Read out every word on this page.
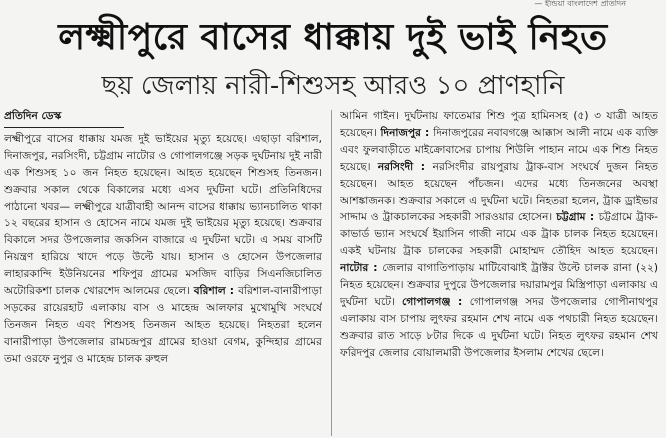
— ইন্ডিয়া বাংলাদেশ প্রতিদিন
লক্ষ্মীপুরে বাসের ধাক্কায় দুই ভাই নিহত
ছয় জেলায় নারী-শিশুসহ আরও ১০ প্রাণহানি
প্রতিদিন ডেস্ক

লক্ষ্মীপুরে বাসের ধাক্কায় যমজ দুই ভাইয়ের মৃত্যু হয়েছে। এছাড়া বরিশাল, দিনাজপুর, নরসিংদী, চট্টগ্রাম নাটোর ও গোপালগঞ্জে সড়ক দুর্ঘটনায় দুই নারী এক শিশুসহ ১০ জন নিহত হয়েছেন। আহত হয়েছেন শিশুসহ তিনজন। শুক্রবার সকাল থেকে বিকালের মধ্যে এসব দুর্ঘটনা ঘটে। প্রতিনিধিদের পাঠানো খবর— লক্ষ্মীপুরে যাত্রীবাহী আনন্দ বাসের ধাক্কায় ভ্যানচালিত থাকা ১২ বছরের হাসান ও হোসেন নামে যমজ দুই ভাইয়ের মৃত্যু হয়েছে। শুক্রবার বিকালে সদর উপজেলার জকসিন বাজারে এ দুর্ঘটনা ঘটে। এ সময় বাসটি নিয়ন্ত্রণ হারিয়ে খাদে পড়ে উল্টে যায়। হাসান ও হোসেন উপজেলার লাহারকান্দি ইউনিয়নের শফিপুর গ্রামের মসজিদ বাড়ির সিএনজিচালিত অটোরিকশা চালক খোরশেদ আলমের ছেলে। বরিশাল : বরিশাল-বানারীপাড়া সড়কের রায়েরহাট এলাকায় বাস ও মাহেন্দ্র আলফার মুখোমুখি সংঘর্ষে তিনজন নিহত এবং শিশুসহ তিনজন আহত হয়েছে। নিহতরা হলেন বানারীপাড়া উপজেলার রামচন্দ্রপুর গ্রামের হাওয়া বেগম, কুন্দিহার গ্রামের তমা ওরফে নুপুর ও মাহেন্দ্র চালক রুহুল

আমিন গাইন। দুর্ঘটনায় ফাতেমার শিশু পুত্র হামিনসহ (৫) ৩ যাত্রী আহত হয়েছেন। দিনাজপুর : দিনাজপুরের নবাবগঞ্জে আক্কাস আলী নামে এক ব্যক্তি এবং ফুলবাড়ীতে মাইক্রোবাসের চাপায় শিউলি পাহান নামে এক শিশু নিহত হয়েছে। নরসিংদী : নরসিংদীর রায়পুরায় ট্রাক-বাস সংঘর্ষে দুজন নিহত হয়েছেন। আহত হয়েছেন পাঁচজন। এদের মধ্যে তিনজনের অবস্থা আশঙ্কাজনক। শুক্রবার সকালে এ দুর্ঘটনা ঘটে। নিহতরা হলেন, ট্রাক ড্রাইভার সাদ্দাম ও ট্রাকচালকের সহকারী সারওয়ার হোসেন। চট্টগ্রাম : চট্টগ্রামে ট্রাক-কাভার্ড ভ্যান সংঘর্ষে ইয়াসিন গাজী নামে এক ট্রাক চালক নিহত হয়েছেন। একই ঘটনায় ট্রাক চালকের সহকারী মোহাম্মদ তৌহিদ আহত হয়েছেন। নাটোর : জেলার বাগাতিপাড়ায় মাটিবোঝাই ট্রাক্টর উল্টে চালক রানা (২২) নিহত হয়েছেন। শুক্রবার দুপুরে উপজেলার দয়ারামপুর মিস্ত্রিপাড়া এলাকায় এ দুর্ঘটনা ঘটে। গোপালগঞ্জ : গোপালগঞ্জ সদর উপজেলার গোপীনাথপুর এলাকায় বাস চাপায় লুৎফর রহমান শেখ নামে এক পথচারী নিহত হয়েছেন। শুক্রবার রাত সাড়ে ৮টার দিকে এ দুর্ঘটনা ঘটে। নিহত লুৎফর রহমান শেখ ফরিদপুর জেলার বোয়ালমারী উপজেলার ইসলাম শেখের ছেলে।
